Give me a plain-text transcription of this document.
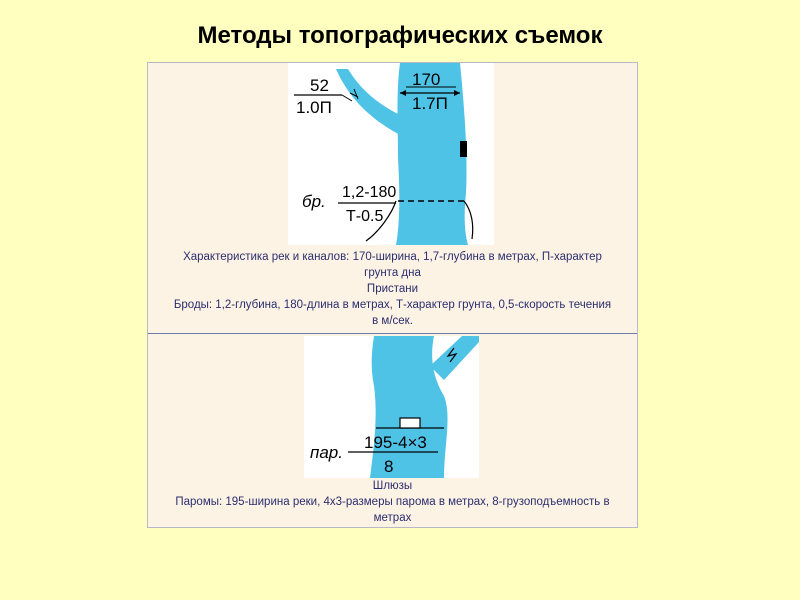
Методы топографических съемок
52
1.0П
170
1.7П
бр. 1,2-180
Т-0.5
Характеристика рек и каналов: 170-ширина, 1,7-глубина в метрах, П-характер
грунта дна
Пристани
Броды: 1,2-глубина, 180-длина в метрах, Т-характер грунта, 0,5-скорость течения
в м/сек.
пар.
195-4×3
8
Шлюзы
Паромы: 195-ширина реки, 4х3-размеры парома в метрах, 8-грузоподъемность в
метрах
